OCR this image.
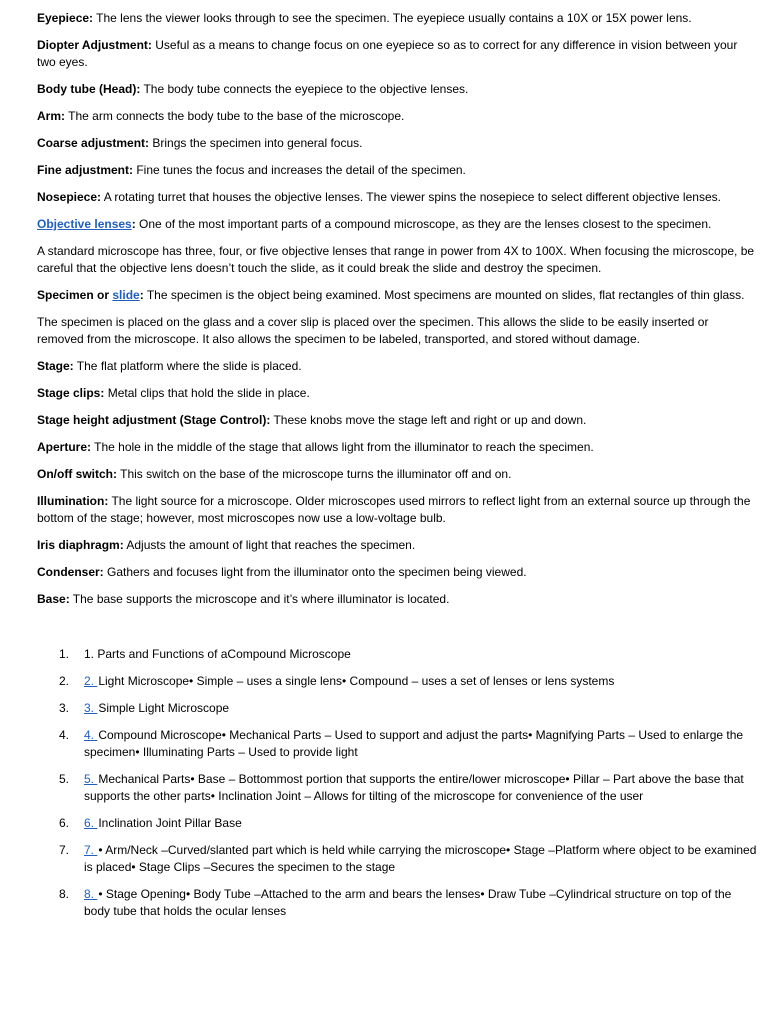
Eyepiece: The lens the viewer looks through to see the specimen. The eyepiece usually contains a 10X or 15X power lens.

Diopter Adjustment: Useful as a means to change focus on one eyepiece so as to correct for any difference in vision between your two eyes.

Body tube (Head): The body tube connects the eyepiece to the objective lenses.

Arm: The arm connects the body tube to the base of the microscope.

Coarse adjustment: Brings the specimen into general focus.

Fine adjustment: Fine tunes the focus and increases the detail of the specimen.

Nosepiece: A rotating turret that houses the objective lenses. The viewer spins the nosepiece to select different objective lenses.

Objective lenses: One of the most important parts of a compound microscope, as they are the lenses closest to the specimen.

A standard microscope has three, four, or five objective lenses that range in power from 4X to 100X. When focusing the microscope, be careful that the objective lens doesn’t touch the slide, as it could break the slide and destroy the specimen.

Specimen or slide: The specimen is the object being examined. Most specimens are mounted on slides, flat rectangles of thin glass.

The specimen is placed on the glass and a cover slip is placed over the specimen. This allows the slide to be easily inserted or removed from the microscope. It also allows the specimen to be labeled, transported, and stored without damage.

Stage: The flat platform where the slide is placed.

Stage clips: Metal clips that hold the slide in place.

Stage height adjustment (Stage Control): These knobs move the stage left and right or up and down.

Aperture: The hole in the middle of the stage that allows light from the illuminator to reach the specimen.

On/off switch: This switch on the base of the microscope turns the illuminator off and on.

Illumination: The light source for a microscope. Older microscopes used mirrors to reflect light from an external source up through the bottom of the stage; however, most microscopes now use a low-voltage bulb.

Iris diaphragm: Adjusts the amount of light that reaches the specimen.

Condenser: Gathers and focuses light from the illuminator onto the specimen being viewed.

Base: The base supports the microscope and it’s where illuminator is located.

1. 1. Parts and Functions of aCompound Microscope
2. 2. Light Microscope• Simple – uses a single lens• Compound – uses a set of lenses or lens systems
3. 3. Simple Light Microscope
4. 4. Compound Microscope• Mechanical Parts – Used to support and adjust the parts• Magnifying Parts – Used to enlarge the specimen• Illuminating Parts – Used to provide light
5. 5. Mechanical Parts• Base – Bottommost portion that supports the entire/lower microscope• Pillar – Part above the base that supports the other parts• Inclination Joint – Allows for tilting of the microscope for convenience of the user
6. 6. Inclination Joint Pillar Base
7. 7. • Arm/Neck –Curved/slanted part which is held while carrying the microscope• Stage –Platform where object to be examined is placed• Stage Clips –Secures the specimen to the stage
8. 8. • Stage Opening• Body Tube –Attached to the arm and bears the lenses• Draw Tube –Cylindrical structure on top of the body tube that holds the ocular lenses
